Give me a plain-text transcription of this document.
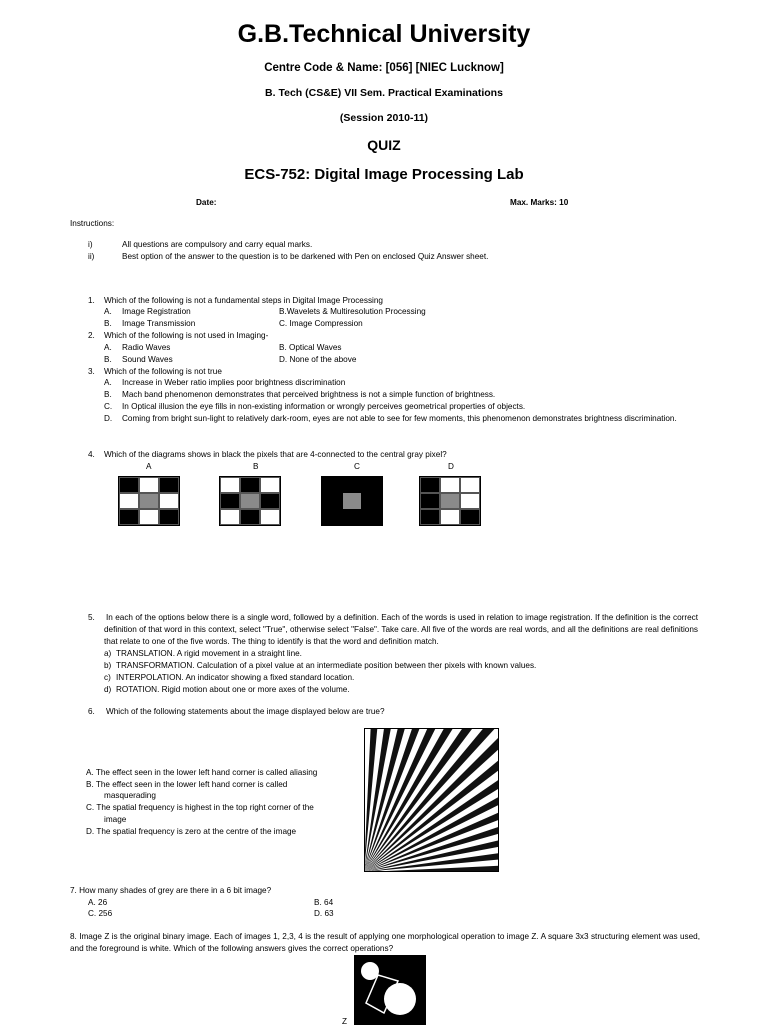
G.B.Technical University
Centre Code & Name: [056] [NIEC Lucknow]
B. Tech (CS&E) VII Sem. Practical Examinations
(Session 2010-11)
QUIZ
ECS-752: Digital Image Processing Lab
Date:	Max. Marks: 10
Instructions:
i)	All questions are compulsory and carry equal marks.
ii)	Best option of the answer to the question is to be darkened with Pen on enclosed Quiz Answer sheet.
1. Which of the following is not a fundamental steps in Digital Image Processing
A. Image Registration	B.Wavelets & Multiresolution Processing
B. Image Transmission	C. Image Compression
2. Which of the following is not used in Imaging-
A. Radio Waves	B. Optical Waves
B. Sound Waves	D. None of the above
3. Which of the following is not true
A. Increase in Weber ratio implies poor brightness discrimination
B. Mach band phenomenon demonstrates that perceived brightness is not a simple function of brightness.
C. In Optical illusion the eye fills in non-existing information or wrongly perceives geometrical properties of objects.
D. Coming from bright sun-light to relatively dark-room, eyes are not able to see for few moments, this phenomenon demonstrates brightness discrimination.
4. Which of the diagrams shows in black the pixels that are 4-connected to the central gray pixel?
A	B	C	D
5. In each of the options below there is a single word, followed by a definition. Each of the words is used in relation to image registration. If the definition is the correct definition of that word in this context, select "True", otherwise select "False". Take care. All five of the words are real words, and all the definitions are real definitions that relate to one of the five words. The thing to identify is that the word and definition match.
a) TRANSLATION. A rigid movement in a straight line.
b) TRANSFORMATION. Calculation of a pixel value at an intermediate position between ther pixels with known values.
c) INTERPOLATION. An indicator showing a fixed standard location.
d) ROTATION. Rigid motion about one or more axes of the volume.
6. Which of the following statements about the image displayed below are true?
A. The effect seen in the lower left hand corner is called aliasing
B. The effect seen in the lower left hand corner is called
masquerading
C. The spatial frequency is highest in the top right corner of the
image
D. The spatial frequency is zero at the centre of the image
7. How many shades of grey are there in a 6 bit image?
A. 26	B. 64
C. 256	D. 63
8. Image Z is the original binary image. Each of images 1, 2,3, 4 is the result of applying one morphological operation to image Z. A square 3x3 structuring element was used, and the foreground is white. Which of the following answers gives the correct operations?
Z
